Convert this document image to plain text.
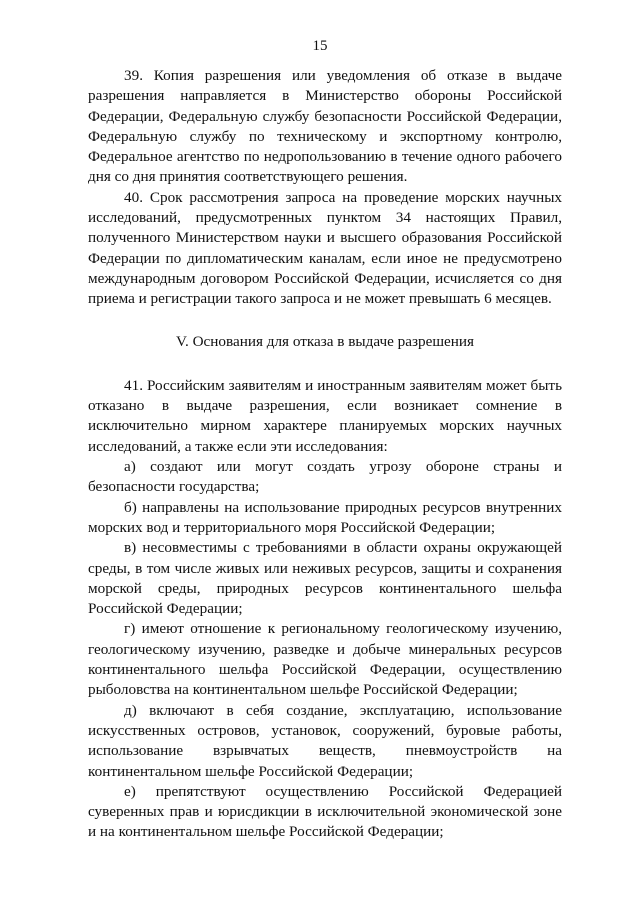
15

39. Копия разрешения или уведомления об отказе в выдаче разрешения направляется в Министерство обороны Российской Федерации, Федеральную службу безопасности Российской Федерации, Федеральную службу по техническому и экспортному контролю, Федеральное агентство по недропользованию в течение одного рабочего дня со дня принятия соответствующего решения.

40. Срок рассмотрения запроса на проведение морских научных исследований, предусмотренных пунктом 34 настоящих Правил, полученного Министерством науки и высшего образования Российской Федерации по дипломатическим каналам, если иное не предусмотрено международным договором Российской Федерации, исчисляется со дня приема и регистрации такого запроса и не может превышать 6 месяцев.

V. Основания для отказа в выдаче разрешения

41. Российским заявителям и иностранным заявителям может быть отказано в выдаче разрешения, если возникает сомнение в исключительно мирном характере планируемых морских научных исследований, а также если эти исследования:

а) создают или могут создать угрозу обороне страны и безопасности государства;

б) направлены на использование природных ресурсов внутренних морских вод и территориального моря Российской Федерации;

в) несовместимы с требованиями в области охраны окружающей среды, в том числе живых или неживых ресурсов, защиты и сохранения морской среды, природных ресурсов континентального шельфа Российской Федерации;

г) имеют отношение к региональному геологическому изучению, геологическому изучению, разведке и добыче минеральных ресурсов континентального шельфа Российской Федерации, осуществлению рыболовства на континентальном шельфе Российской Федерации;

д) включают в себя создание, эксплуатацию, использование искусственных островов, установок, сооружений, буровые работы, использование взрывчатых веществ, пневмоустройств на континентальном шельфе Российской Федерации;

е) препятствуют осуществлению Российской Федерацией суверенных прав и юрисдикции в исключительной экономической зоне и на континентальном шельфе Российской Федерации;
